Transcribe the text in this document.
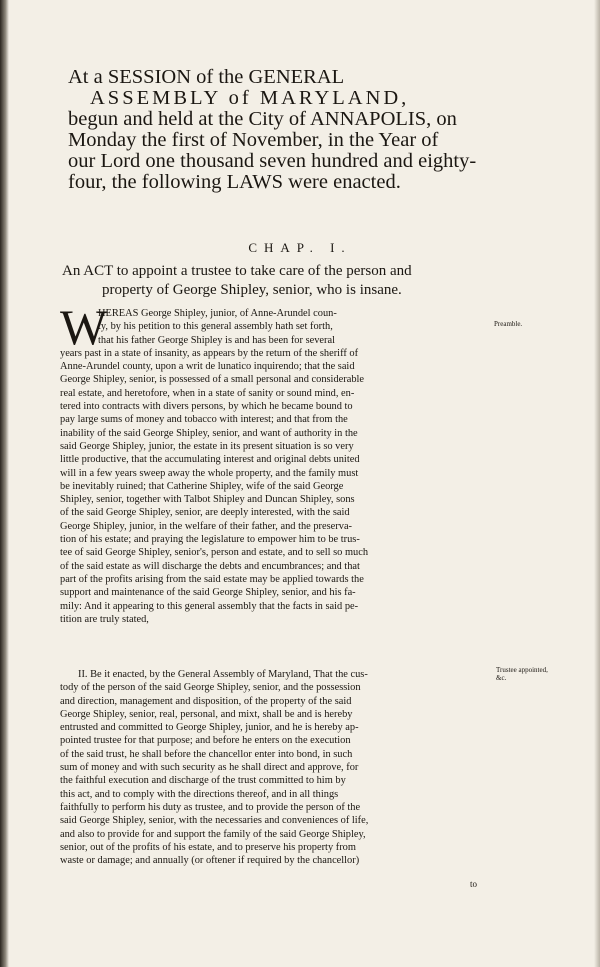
At a SESSION of the GENERAL
ASSEMBLY of MARYLAND,
begun and held at the City of ANNAPOLIS, on
Monday the first of November, in the Year of
our Lord one thousand seven hundred and eighty-
four, the following LAWS were enacted.
CHAP. I.
An ACT to appoint a trustee to take care of the person and
property of George Shipley, senior, who is insane.
Preamble.
Trustee appointed, &c.
W
HEREAS George Shipley, junior, of Anne-Arundel coun-
ty, by his petition to this general assembly hath set forth,
that his father George Shipley is and has been for several
years past in a state of insanity, as appears by the return of the sheriff of
Anne-Arundel county, upon a writ de lunatico inquirendo; that the said
George Shipley, senior, is possessed of a small personal and considerable
real estate, and heretofore, when in a state of sanity or sound mind, en-
tered into contracts with divers persons, by which he became bound to
pay large sums of money and tobacco with interest; and that from the
inability of the said George Shipley, senior, and want of authority in the
said George Shipley, junior, the estate in its present situation is so very
little productive, that the accumulating interest and original debts united
will in a few years sweep away the whole property, and the family must
be inevitably ruined; that Catherine Shipley, wife of the said George
Shipley, senior, together with Talbot Shipley and Duncan Shipley, sons
of the said George Shipley, senior, are deeply interested, with the said
George Shipley, junior, in the welfare of their father, and the preserva-
tion of his estate; and praying the legislature to empower him to be trus-
tee of said George Shipley, senior's, person and estate, and to sell so much
of the said estate as will discharge the debts and encumbrances; and that
part of the profits arising from the said estate may be applied towards the
support and maintenance of the said George Shipley, senior, and his fa-
mily: And it appearing to this general assembly that the facts in said pe-
tition are truly stated,
II. Be it enacted, by the General Assembly of Maryland, That the cus-
tody of the person of the said George Shipley, senior, and the possession
and direction, management and disposition, of the property of the said
George Shipley, senior, real, personal, and mixt, shall be and is hereby
entrusted and committed to George Shipley, junior, and he is hereby ap-
pointed trustee for that purpose; and before he enters on the execution
of the said trust, he shall before the chancellor enter into bond, in such
sum of money and with such security as he shall direct and approve, for
the faithful execution and discharge of the trust committed to him by
this act, and to comply with the directions thereof, and in all things
faithfully to perform his duty as trustee, and to provide the person of the
said George Shipley, senior, with the necessaries and conveniences of life,
and also to provide for and support the family of the said George Shipley,
senior, out of the profits of his estate, and to preserve his property from
waste or damage; and annually (or oftener if required by the chancellor)
to
